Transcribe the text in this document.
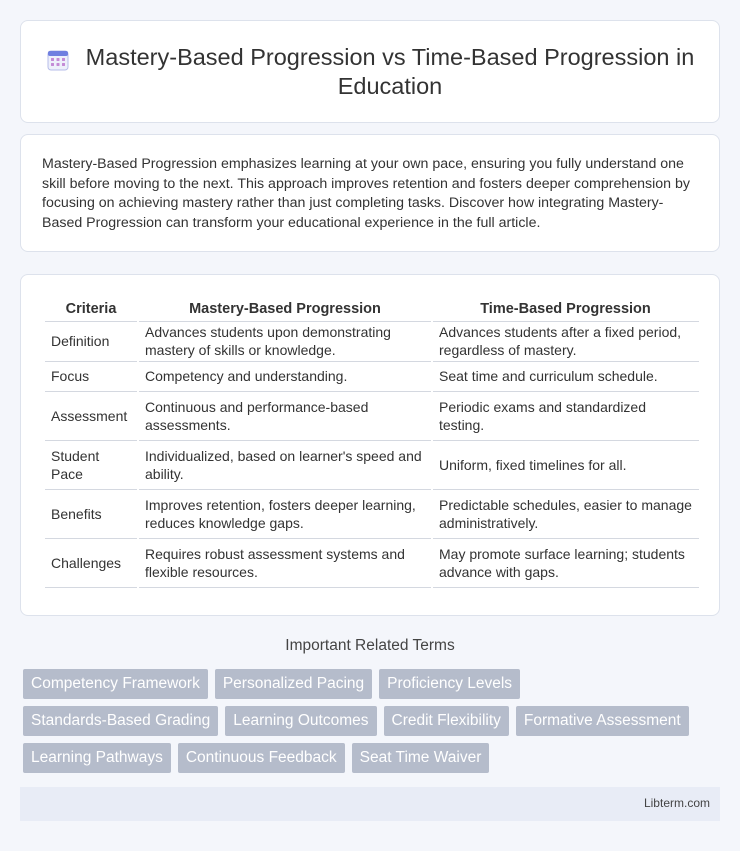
Mastery-Based Progression vs Time-Based Progression in Education

Mastery-Based Progression emphasizes learning at your own pace, ensuring you fully understand one skill before moving to the next. This approach improves retention and fosters deeper comprehension by focusing on achieving mastery rather than just completing tasks. Discover how integrating Mastery-Based Progression can transform your educational experience in the full article.

Criteria	Mastery-Based Progression	Time-Based Progression
Definition	Advances students upon demonstrating mastery of skills or knowledge.	Advances students after a fixed period, regardless of mastery.
Focus	Competency and understanding.	Seat time and curriculum schedule.
Assessment	Continuous and performance-based assessments.	Periodic exams and standardized testing.
Student Pace	Individualized, based on learner's speed and ability.	Uniform, fixed timelines for all.
Benefits	Improves retention, fosters deeper learning, reduces knowledge gaps.	Predictable schedules, easier to manage administratively.
Challenges	Requires robust assessment systems and flexible resources.	May promote surface learning; students advance with gaps.
Important Related Terms
Competency Framework	Personalized Pacing	Proficiency Levels
Standards-Based Grading	Learning Outcomes	Credit Flexibility	Formative Assessment
Learning Pathways	Continuous Feedback	Seat Time Waiver
Libterm.com
